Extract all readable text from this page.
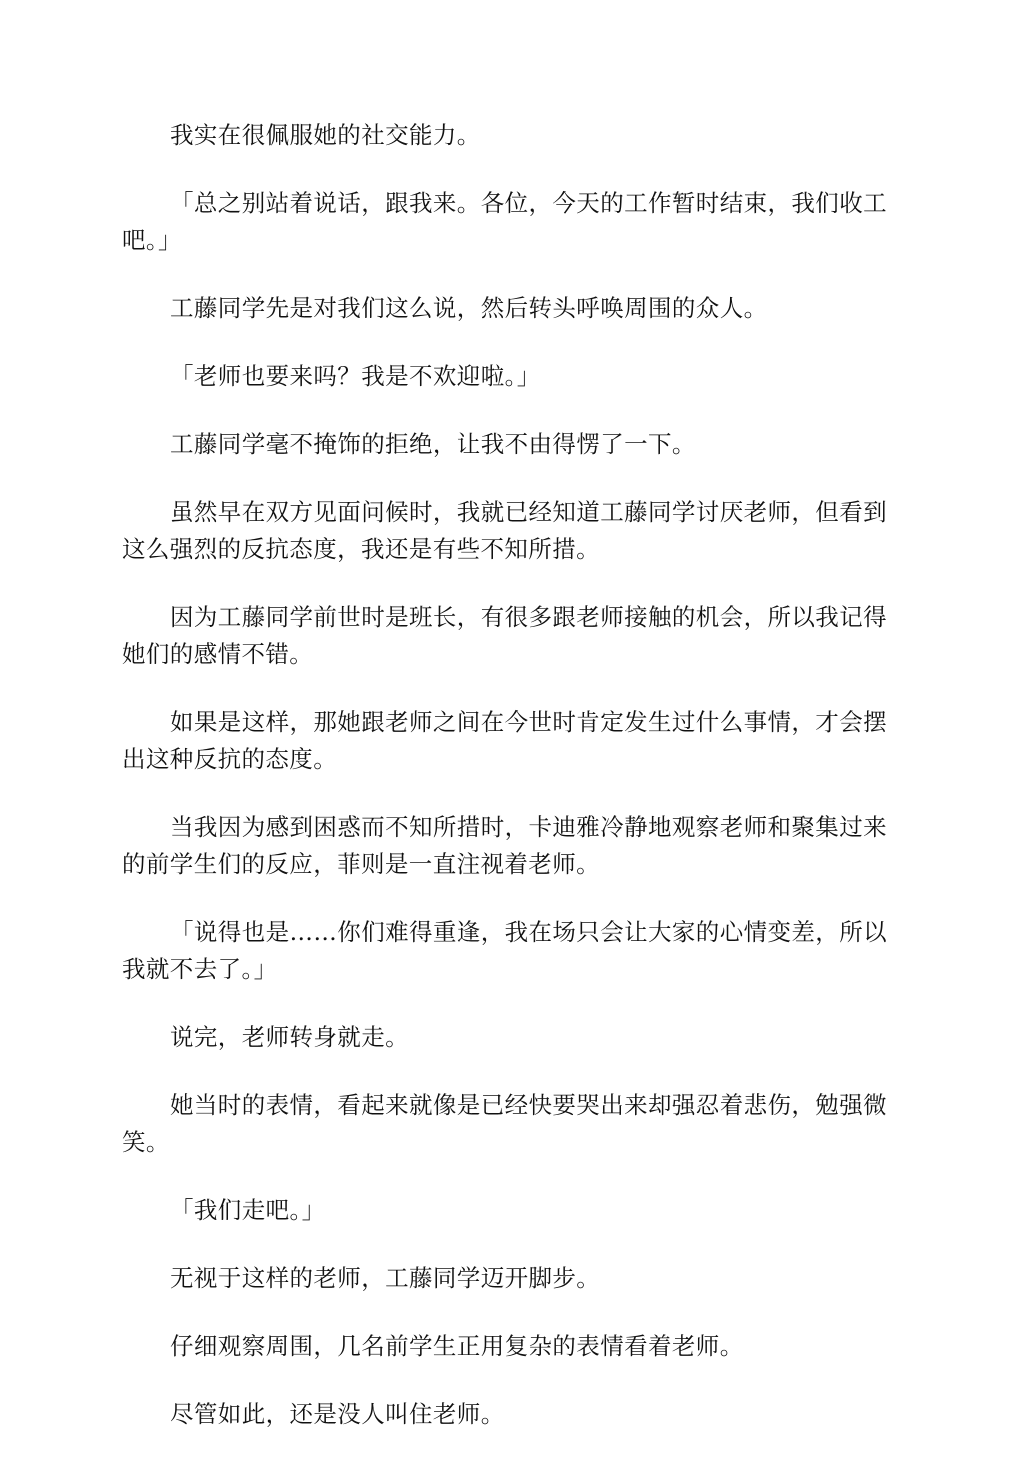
我实在很佩服她的社交能力。

「总之别站着说话，跟我来。各位，今天的工作暂时结束，我们收工吧。」

工藤同学先是对我们这么说，然后转头呼唤周围的众人。

「老师也要来吗？我是不欢迎啦。」

工藤同学毫不掩饰的拒绝，让我不由得愣了一下。

虽然早在双方见面问候时，我就已经知道工藤同学讨厌老师，但看到这么强烈的反抗态度，我还是有些不知所措。

因为工藤同学前世时是班长，有很多跟老师接触的机会，所以我记得她们的感情不错。

如果是这样，那她跟老师之间在今世时肯定发生过什么事情，才会摆出这种反抗的态度。

当我因为感到困惑而不知所措时，卡迪雅冷静地观察老师和聚集过来的前学生们的反应，菲则是一直注视着老师。

「说得也是……你们难得重逢，我在场只会让大家的心情变差，所以我就不去了。」

说完，老师转身就走。

她当时的表情，看起来就像是已经快要哭出来却强忍着悲伤，勉强微笑。

「我们走吧。」

无视于这样的老师，工藤同学迈开脚步。

仔细观察周围，几名前学生正用复杂的表情看着老师。

尽管如此，还是没人叫住老师。
